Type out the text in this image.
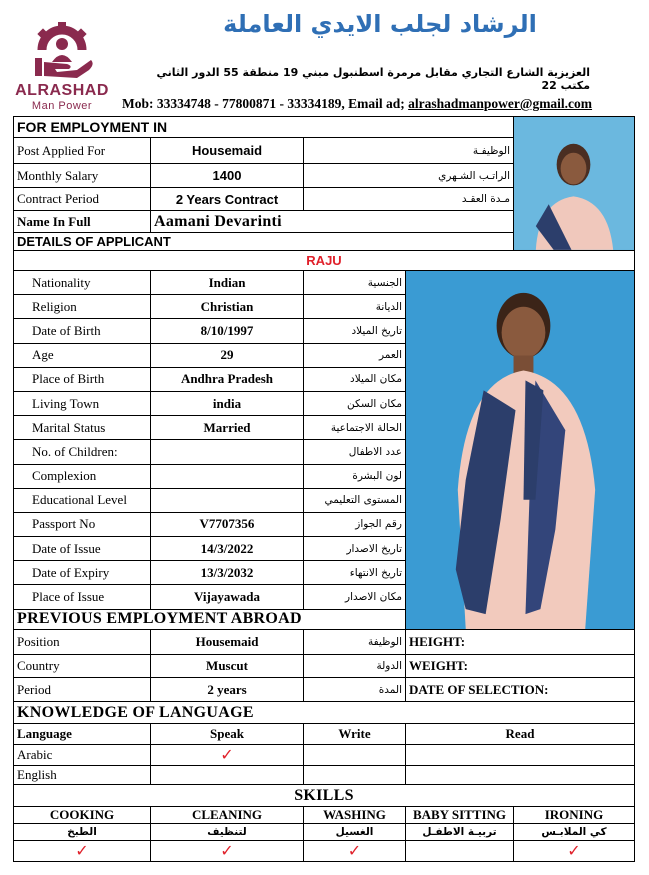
ALRASHAD
Man Power
الرشاد لجلب الايدي العاملة
العزيزية الشارع التجاري مقابل مرمرة اسطنبول مبني 19 منطقة 55 الدور الثاني مكتب 22
Mob: 33334748 - 77800871 - 33334189, Email ad; alrashadmanpower@gmail.com
FOR EMPLOYMENT IN	

Post Applied For	Housemaid	الوظيفـة		
Monthly Salary	1400	الراتـب الشـهري		
Contract Period	2 Years Contract	مـدة العقـد		
Name In Full	Aamani Devarinti			
DETAILS OF APPLICANT				
RAJU				
Nationality	Indian	الجنسية	

Religion	Christian	الديانة		
Date of Birth	8/10/1997	تاريخ الميلاد		
Age	29	العمر		
Place of Birth	Andhra Pradesh	مكان الميلاد		
Living Town	india	مكان السكن		
Marital Status	Married	الحالة الاجتماعية		
No. of Children:		عدد الاطفال		
Complexion		لون البشرة		
Educational Level		المستوى التعليمي		
Passport No	V7707356	رقم الجواز		
Date of Issue	14/3/2022	تاريخ الاصدار		
Date of Expiry	13/3/2032	تاريخ الانتهاء		
Place of Issue	Vijayawada	مكان الاصدار		
PREVIOUS EMPLOYMENT ABROAD				
Position	Housemaid	الوظيفة	HEIGHT:	
Country	Muscut	الدولة	WEIGHT:	
Period	2 years	المدة	DATE OF SELECTION:	
KNOWLEDGE OF LANGUAGE				
Language	Speak	Write	Read	
Arabic	✓			
English				
SKILLS				
COOKING	CLEANING	WASHING	BABY SITTING	IRONING
الطبخ	لتنظيف	الغسيل	تربيـة الاطفـل	كي الملابـس
✓	✓	✓		✓
